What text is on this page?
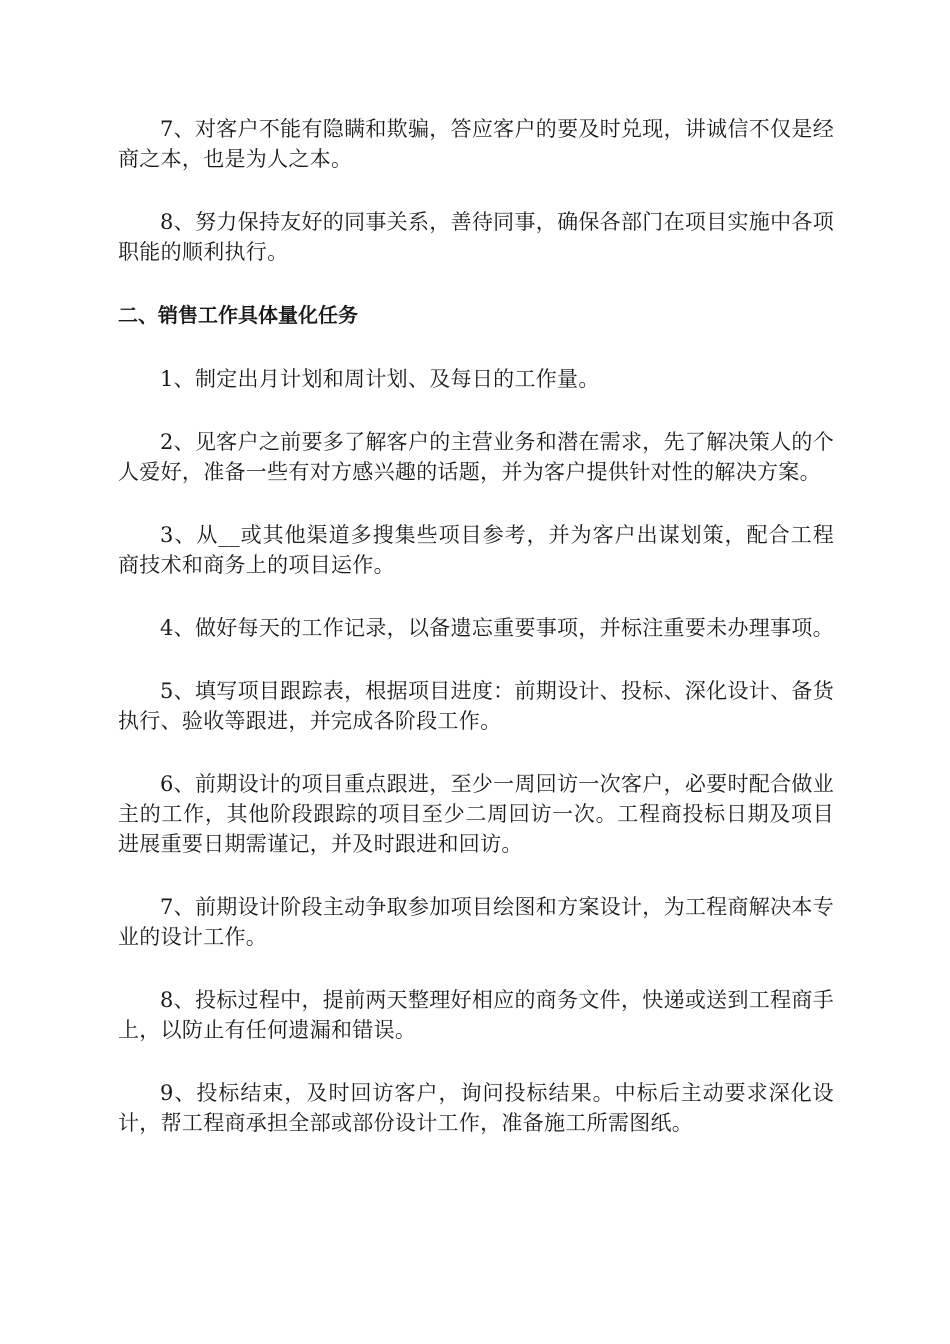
7、对客户不能有隐瞒和欺骗，答应客户的要及时兑现，讲诚信不仅是经商之本，也是为人之本。

8、努力保持友好的同事关系，善待同事，确保各部门在项目实施中各项职能的顺利执行。

二、销售工作具体量化任务

1、制定出月计划和周计划、及每日的工作量。

2、见客户之前要多了解客户的主营业务和潜在需求，先了解决策人的个人爱好，准备一些有对方感兴趣的话题，并为客户提供针对性的解决方案。

3、从__或其他渠道多搜集些项目参考，并为客户出谋划策，配合工程商技术和商务上的项目运作。

4、做好每天的工作记录，以备遗忘重要事项，并标注重要未办理事项。

5、填写项目跟踪表，根据项目进度：前期设计、投标、深化设计、备货执行、验收等跟进，并完成各阶段工作。

6、前期设计的项目重点跟进，至少一周回访一次客户，必要时配合做业主的工作，其他阶段跟踪的项目至少二周回访一次。工程商投标日期及项目进展重要日期需谨记，并及时跟进和回访。

7、前期设计阶段主动争取参加项目绘图和方案设计，为工程商解决本专业的设计工作。

8、投标过程中，提前两天整理好相应的商务文件，快递或送到工程商手上，以防止有任何遗漏和错误。

9、投标结束，及时回访客户，询问投标结果。中标后主动要求深化设计，帮工程商承担全部或部份设计工作，准备施工所需图纸。
